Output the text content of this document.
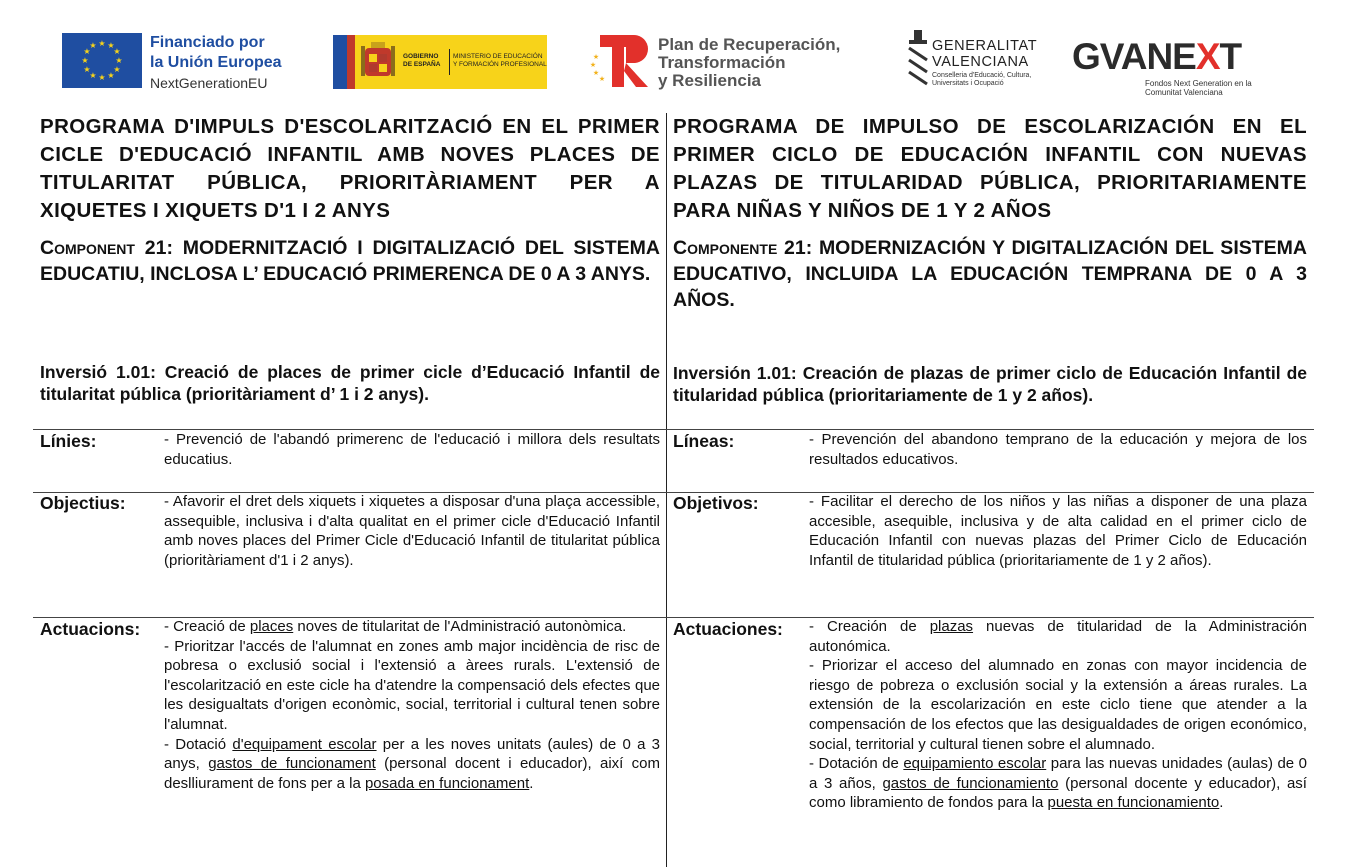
★ ★
★
★
★
★
★
★
★
★
★
★	Financiado por
la Unión Europea
NextGenerationEU
GOBIERNO DE ESPAÑA
MINISTERIO DE EDUCACIÓN Y FORMACIÓN PROFESIONAL
★
★
★
★
Plan de Recuperación,
Transformación
y Resiliencia
GENERALITAT
VALENCIANA
Conselleria d'Educació, Cultura, Universitats i Ocupació
GVANEXT
Fondos Next Generation en la Comunitat Valenciana

PROGRAMA D'IMPULS D'ESCOLARITZACIÓ EN EL PRIMER CICLE D'EDUCACIÓ INFANTIL AMB NOVES PLACES DE TITULARITAT PÚBLICA, PRIORITÀRIAMENT PER A XIQUETES I XIQUETS D'1 I 2 ANYS

Component 21: MODERNITZACIÓ I DIGITALIZACIÓ DEL SISTEMA EDUCATIU, INCLOSA L’ EDUCACIÓ PRIMERENCA DE 0 A 3 ANYS.

Inversió 1.01: Creació de places de primer cicle d’Educació Infantil de titularitat pública (prioritàriament d’ 1 i 2 anys).

PROGRAMA DE IMPULSO DE ESCOLARIZACIÓN EN EL PRIMER CICLO DE EDUCACIÓN INFANTIL CON NUEVAS PLAZAS DE TITULARIDAD PÚBLICA, PRIORITARIAMENTE PARA NIÑAS Y NIÑOS DE 1 Y 2 AÑOS

Componente 21: MODERNIZACIÓN Y DIGITALIZACIÓN DEL SISTEMA EDUCATIVO, INCLUIDA LA EDUCACIÓN TEMPRANA DE 0 A 3 AÑOS.

Inversión 1.01: Creación de plazas de primer ciclo de Educación Infantil de titularidad pública (prioritariamente de 1 y 2 años).

Línies:	- Prevenció de l'abandó primerenc de l'educació i millora dels resultats educatius.
Objectius:	- Afavorir el dret dels xiquets i xiquetes a disposar d'una plaça accessible, assequible, inclusiva i d'alta qualitat en el primer cicle d'Educació Infantil amb noves places del Primer Cicle d'Educació Infantil de titularitat pública (prioritàriament d'1 i 2 anys).
Actuacions: - Creació de places noves de titularitat de l'Administració autonòmica.

- Prioritzar l'accés de l'alumnat en zones amb major incidència de risc de pobresa o exclusió social i l'extensió a àrees rurals. L'extensió de l'escolarització en este cicle ha d'atendre la compensació dels efectes que les desigualtats d'origen econòmic, social, territorial i cultural tenen sobre l'alumnat.

- Dotació d'equipament escolar per a les noves unitats (aules) de 0 a 3 anys, gastos de funcionament (personal docent i educador), així com deslliurament de fons per a la posada en funcionament.

Líneas:	- Prevención del abandono temprano de la educación y mejora de los resultados educativos.
Objetivos:	- Facilitar el derecho de los niños y las niñas a disponer de una plaza accesible, asequible, inclusiva y de alta calidad en el primer ciclo de Educación Infantil con nuevas plazas del Primer Ciclo de Educación Infantil de titularidad pública (prioritariamente de 1 y 2 años).
Actuaciones: - Creación de plazas nuevas de titularidad de la Administración autonómica.

- Priorizar el acceso del alumnado en zonas con mayor incidencia de riesgo de pobreza o exclusión social y la extensión a áreas rurales. La extensión de la escolarización en este ciclo tiene que atender a la compensación de los efectos que las desigualdades de origen económico, social, territorial y cultural tienen sobre el alumnado.

- Dotación de equipamiento escolar para las nuevas unidades (aulas) de 0 a 3 años, gastos de funcionamiento (personal docente y educador), así como libramiento de fondos para la puesta en funcionamiento.
